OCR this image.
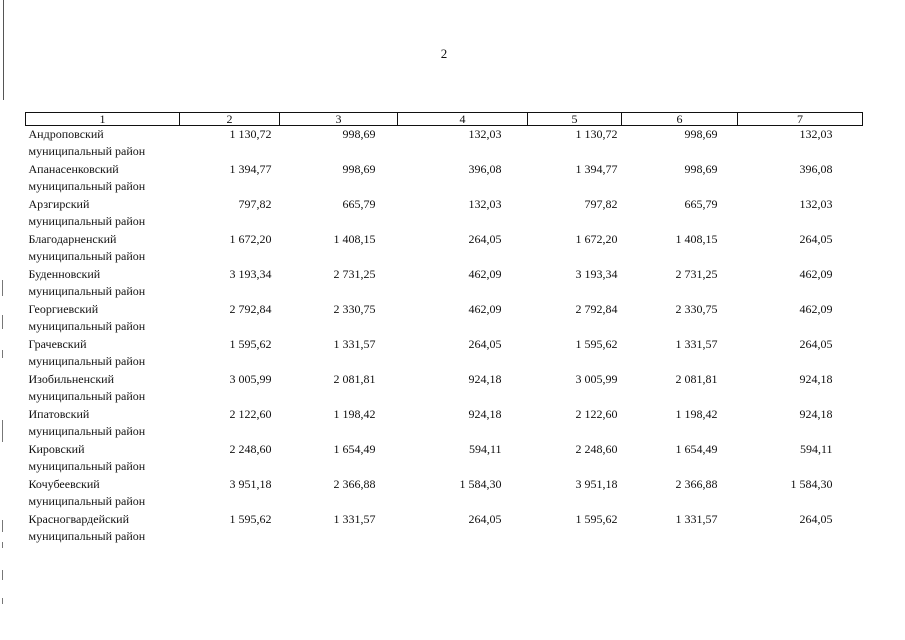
2
1	2	3	4	5	6	7

Андроповский
муниципальный район	1 130,72	998,69	132,03	1 130,72	998,69	132,03

Апанасенковский
муниципальный район	1 394,77	998,69	396,08	1 394,77	998,69	396,08

Арзгирский
муниципальный район	797,82	665,79	132,03	797,82	665,79	132,03

Благодарненский
муниципальный район	1 672,20	1 408,15	264,05	1 672,20	1 408,15	264,05

Буденновский
муниципальный район	3 193,34	2 731,25	462,09	3 193,34	2 731,25	462,09

Георгиевский
муниципальный район	2 792,84	2 330,75	462,09	2 792,84	2 330,75	462,09

Грачевский
муниципальный район	1 595,62	1 331,57	264,05	1 595,62	1 331,57	264,05

Изобильненский
муниципальный район	3 005,99	2 081,81	924,18	3 005,99	2 081,81	924,18

Ипатовский
муниципальный район	2 122,60	1 198,42	924,18	2 122,60	1 198,42	924,18

Кировский
муниципальный район	2 248,60	1 654,49	594,11	2 248,60	1 654,49	594,11

Кочубеевский
муниципальный район	3 951,18	2 366,88	1 584,30	3 951,18	2 366,88	1 584,30

Красногвардейский
муниципальный район	1 595,62	1 331,57	264,05	1 595,62	1 331,57	264,05
